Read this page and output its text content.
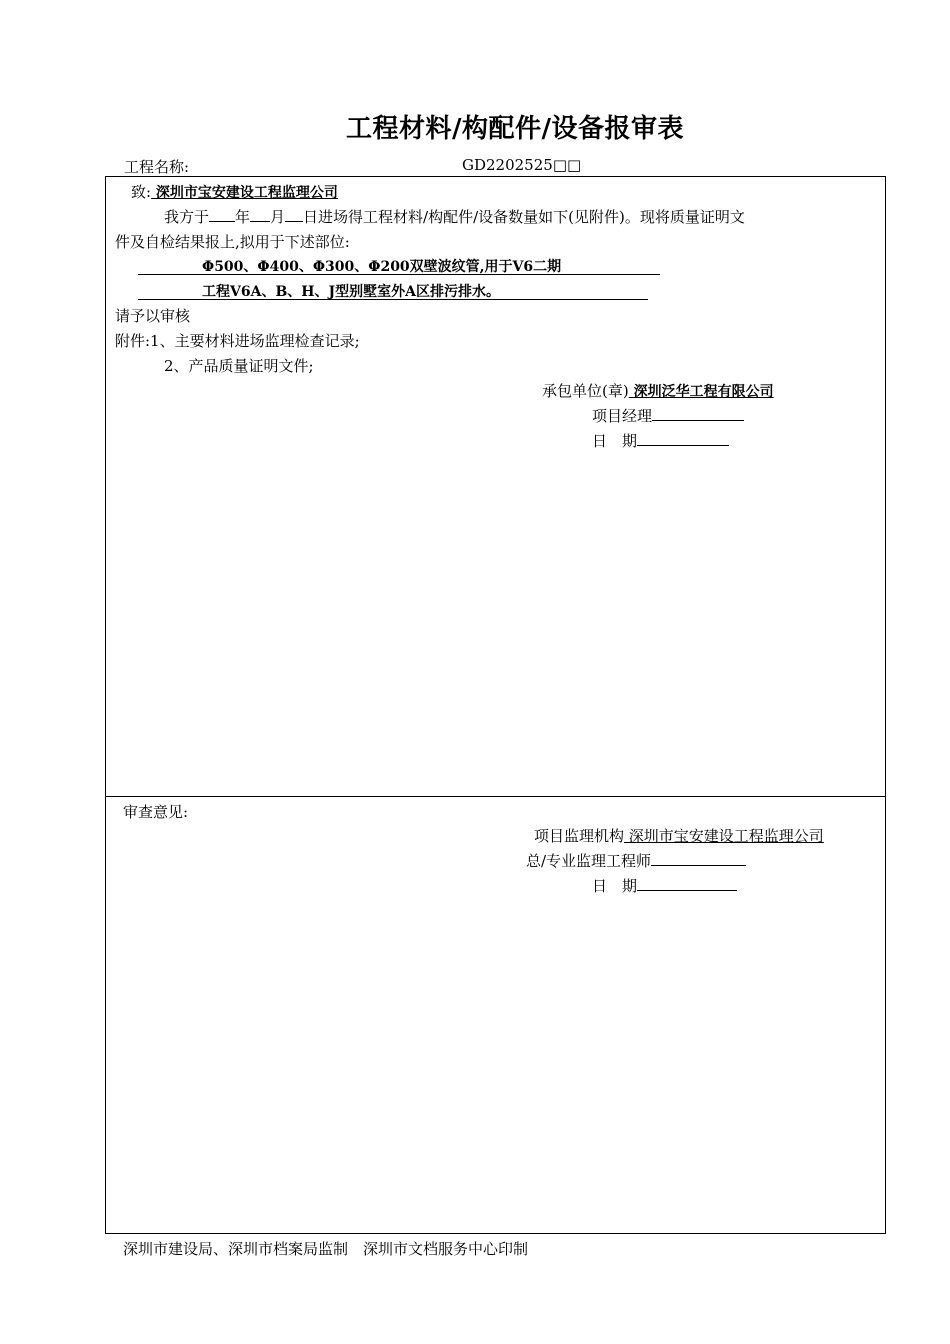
工程材料/构配件/设备报审表
工程名称:	GD2202525□□
致: 深圳市宝安建设工程监理公司
我方于 年 月 日进场得工程材料/构配件/设备数量如下(见附件)。现将质量证明文
件及自检结果报上,拟用于下述部位:
Φ500、Φ400、Φ300、Φ200双壁波纹管,用于V6二期
工程V6A、B、H、J型别墅室外A区排污排水。
请予以审核
附件:1、主要材料进场监理检查记录;
2、产品质量证明文件;
承包单位(章) 深圳泛华工程有限公司
项目经理
日　期
审查意见:
项目监理机构 深圳市宝安建设工程监理公司
总/专业监理工程师
日　期
深圳市建设局、深圳市档案局监制　深圳市文档服务中心印制
